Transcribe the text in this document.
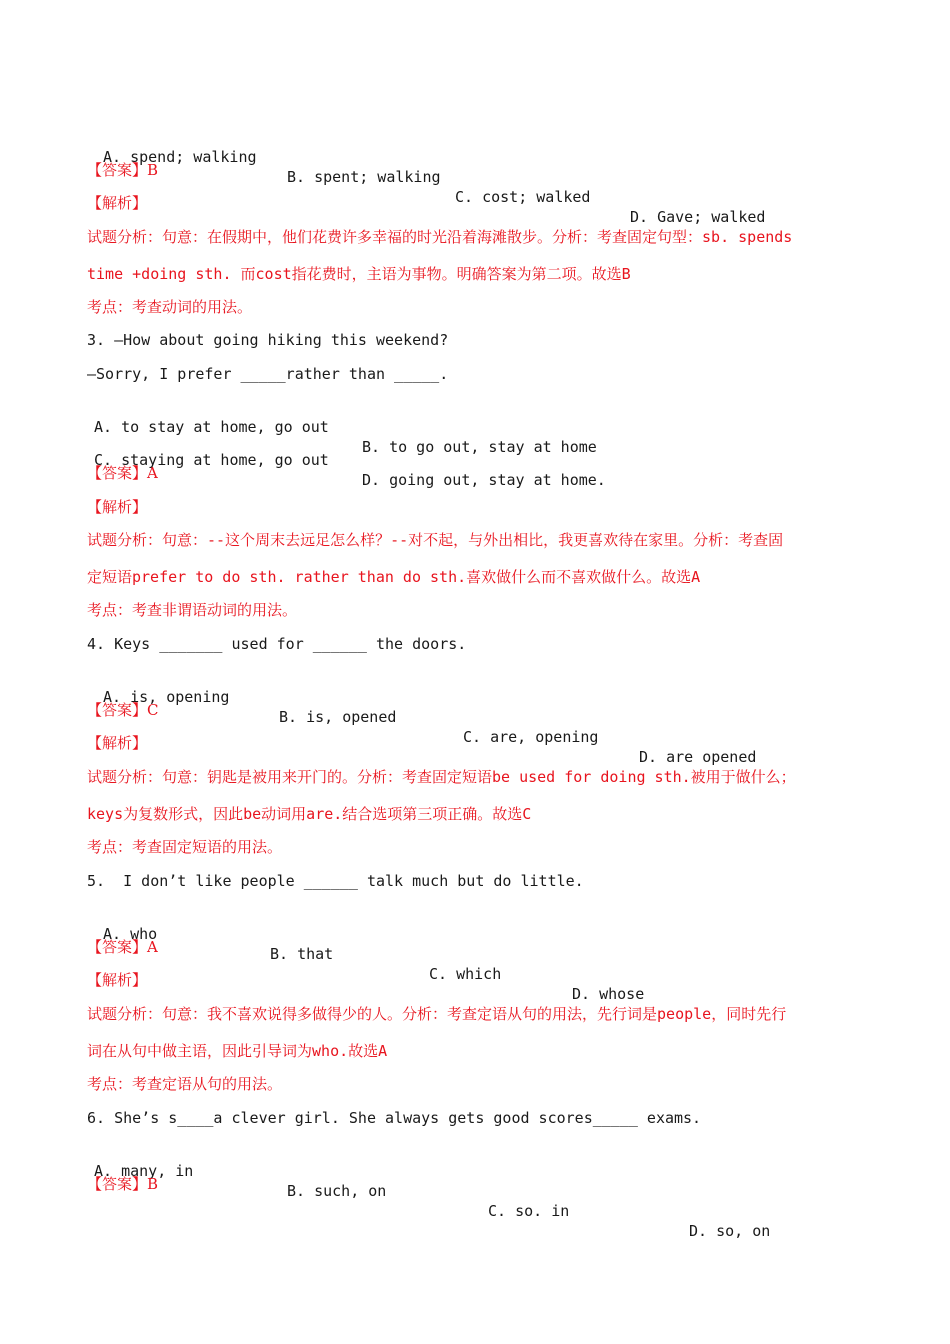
A. spend; walking

B. spent; walking

C. cost; walked

D. Gave; walked

【答案】B
【解析】
试题分析：句意：在假期中，他们花费许多幸福的时光沿着海滩散步。分析：考查固定句型：sb. spends
time +doing sth. 而cost指花费时，主语为事物。明确答案为第二项。故选B
考点：考查动词的用法。
3. —How about going hiking this weekend?
—Sorry, I prefer _____rather than _____.

A. to stay at home, go out

B. to go out, stay at home

C. staying at home, go out

D. going out, stay at home.

【答案】A
【解析】
试题分析：句意：--这个周末去远足怎么样？--对不起，与外出相比，我更喜欢待在家里。分析：考查固
定短语prefer to do sth. rather than do sth.喜欢做什么而不喜欢做什么。故选A
考点：考查非谓语动词的用法。
4. Keys _______ used for ______ the doors.

A. is, opening

B. is, opened

C. are, opening

D. are opened

【答案】C
【解析】
试题分析：句意：钥匙是被用来开门的。分析：考查固定短语be used for doing sth.被用于做什么；
keys为复数形式，因此be动词用are.结合选项第三项正确。故选C
考点：考查固定短语的用法。
5.  I don’t like people ______ talk much but do little.

A. who

B. that

C. which

D. whose

【答案】A
【解析】
试题分析：句意：我不喜欢说得多做得少的人。分析：考查定语从句的用法，先行词是people，同时先行
词在从句中做主语，因此引导词为who.故选A
考点：考查定语从句的用法。
6. She’s s____a clever girl. She always gets good scores_____ exams.

A. many, in

B. such, on

C. so. in

D. so, on

【答案】B
